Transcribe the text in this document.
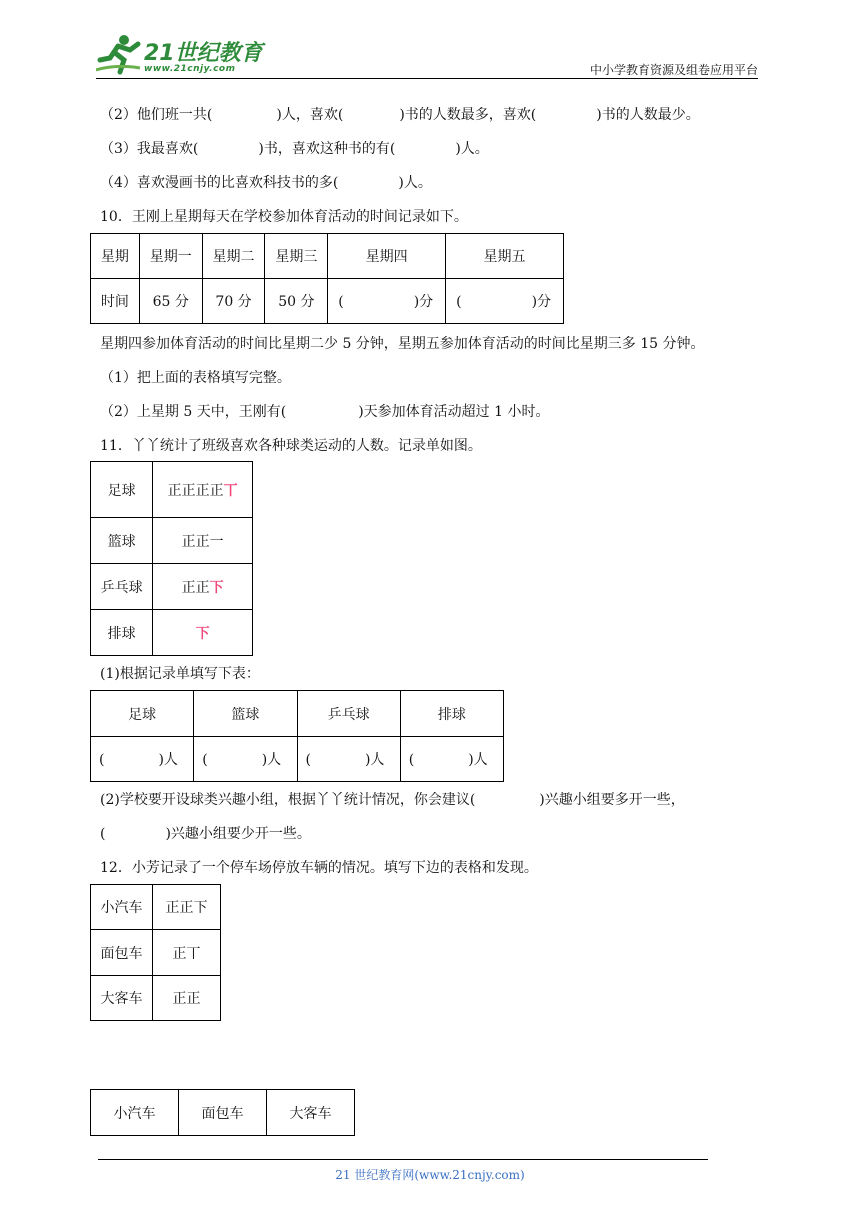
21世纪教育
www.21cnjy.com	中小学教育资源及组卷应用平台
（2）他们班一共(	)人，喜欢(	)书的人数最多，喜欢(	)书的人数最少。
（3）我最喜欢(	)书，喜欢这种书的有(	)人。
（4）喜欢漫画书的比喜欢科技书的多(	)人。
10．王刚上星期每天在学校参加体育活动的时间记录如下。
星期	星期一	星期二	星期三	星期四	星期五
时间	65 分	70 分	50 分	( )分	( )分
星期四参加体育活动的时间比星期二少 5 分钟，星期五参加体育活动的时间比星期三多 15 分钟。
（1）把上面的表格填写完整。
（2）上星期 5 天中，王刚有(	)天参加体育活动超过 1 小时。
11．丫丫统计了班级喜欢各种球类运动的人数。记录单如图。
足球	正正正正丅
篮球	正正一
乒乓球	正正下
排球	下
(1)根据记录单填写下表：
足球	篮球	乒乓球	排球
( )人	( )人	( )人	( )人
(2)学校要开设球类兴趣小组，根据丫丫统计情况，你会建议(	)兴趣小组要多开一些，
(	)兴趣小组要少开一些。
12．小芳记录了一个停车场停放车辆的情况。填写下边的表格和发现。
小汽车	正正下
面包车	正丅
大客车	正正
小汽车	面包车	大客车
21 世纪教育网(www.21cnjy.com)
